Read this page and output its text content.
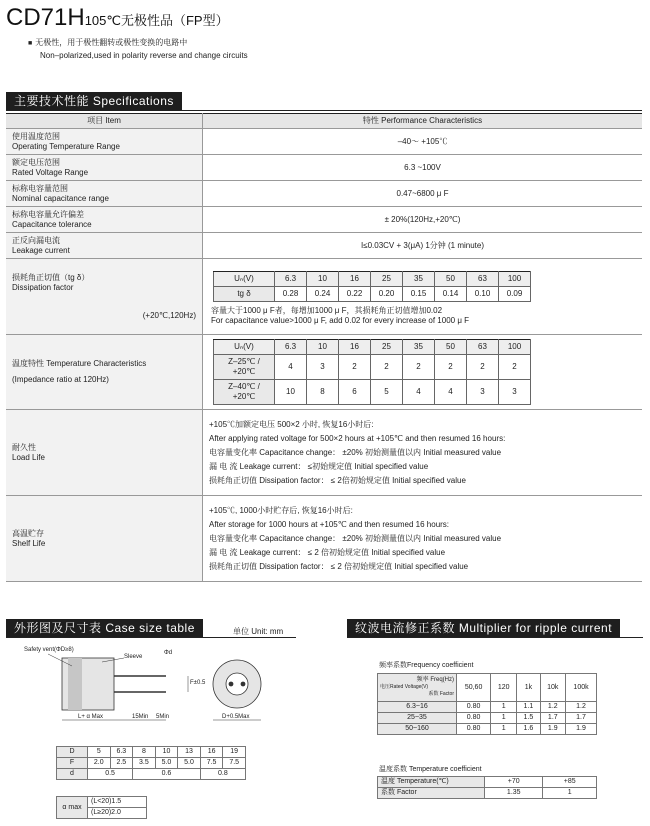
CD71H105℃无极性品（FP型）
■ 无极性，用于极性翻转或极性变换的电路中
Non–polarized,used in polarity reverse and change circuits
主要技术性能 Specifications
项目 Item	特性 Performance Characteristics

使用温度范围
Operating Temperature Range
	–40～ +105℃

额定电压范围
Rated Voltage Range
	6.3 ~100V

标称电容量范围
Nominal capacitance range
	0.47~6800 μ F

标称电容量允许偏差
Capacitance tolerance
	± 20%(120Hz,+20℃)

正反向漏电流
Leakage current
	I≤0.03CV + 3(μA) 1分钟 (1 minute)

损耗角正切值（tg δ）
Dissipation factor
(+20℃,120Hz)

Uₙ(V)	6.3	10	16	25	35	50	63	100
tg δ	0.28	0.24	0.22	0.20	0.15	0.14	0.10	0.09
容量大于1000 μ F者，每增加1000 μ F，其损耗角正切值增加0.02
For capacitance value>1000 μ F, add 0.02 for every increase of 1000 μ F

温度特性 Temperature Characteristics
(Impedance ratio at 120Hz)

Uₙ(V)	6.3	10	16	25	35	50	63	100
Z–25℃ / +20℃	4	3	2	2	2	2	2	2
Z–40℃ / +20℃	10	8	6	5	4	4	3	3

耐久性
Load Life

+105℃加额定电压 500×2 小时, 恢复16小时后:
After applying rated voltage for 500×2 hours at +105℃ and then resumed 16 hours:
电容量变化率 Capacitance change： ±20% 初始测量值以内 Initial measured value
漏 电 流 Leakage current： ≤初始规定值 Initial specified value
损耗角正切值 Dissipation factor： ≤ 2倍初始规定值 Initial specified value

高温贮存
Shelf Life

+105℃, 1000小时贮存后, 恢复16小时后:
After storage for 1000 hours at +105℃ and then resumed 16 hours:
电容量变化率 Capacitance change： ±20% 初始测量值以内 Initial measured value
漏 电 流 Leakage current： ≤ 2 倍初始规定值 Initial specified value
损耗角正切值 Dissipation factor： ≤ 2 倍初始规定值 Initial specified value
外形图及尺寸表 Case size table	单位 Unit: mm
Safety vent(ΦD≥8)
Sleeve
Φd
L+ α Max	15Min 5Min
F±0.5
D+0.5Max
D	5	6.3	8	10	13	16	19
F	2.0	2.5	3.5	5.0	5.0	7.5	7.5
d	0.5		0.6			0.8	
α max	(L<20)1.5
(L≥20)2.0
纹波电流修正系数 Multiplier for ripple current
频率系数Frequency coefficient
频率 Freq(Hz)
电压Rated Voltage(V)
系数 Factor	50,60	120	1k	10k	100k
6.3~16	0.80	1	1.1	1.2	1.2
25~35	0.80	1	1.5	1.7	1.7
50~160	0.80	1	1.6	1.9	1.9
温度系数 Temperature coefficient
温度 Temperature(℃)	+70	+85
系数 Factor	1.35	1
